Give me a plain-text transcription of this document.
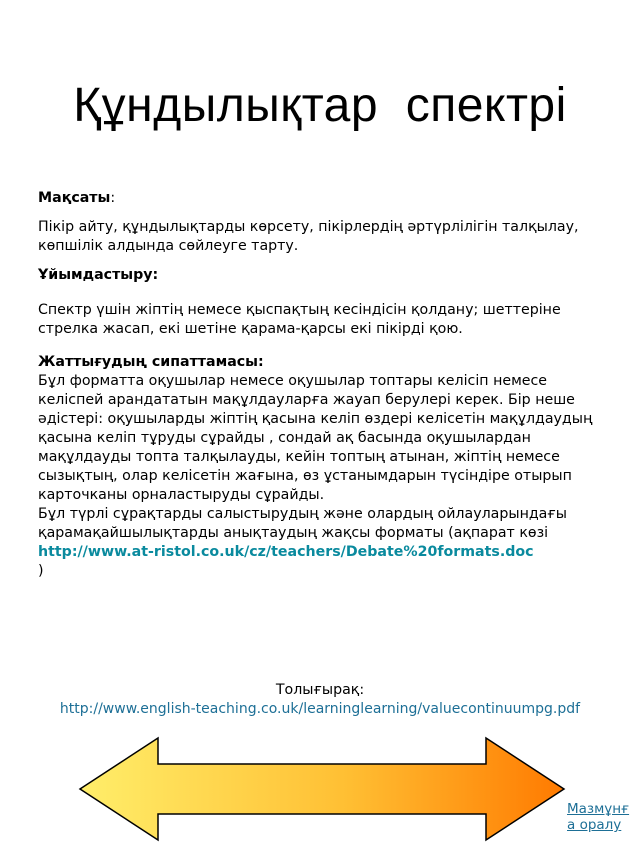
Құндылықтар  спектрі

Мақсаты:

Пікір айту, құндылықтарды көрсету, пікірлердің әртүрлілігін талқылау, көпшілік алдында сөйлеуге тарту.

Ұйымдастыру:

Спектр үшін жіптің немесе қыспақтың кесіндісін қолдану; шеттеріне стрелка жасап, екі шетіне қарама-қарсы екі пікірді қою.

Жаттығудың сипаттамасы:

Бұл форматта оқушылар немесе оқушылар топтары келісіп немесе келіспей арандататын мақұлдауларға жауап берулері керек. Бір неше әдістері: оқушыларды жіптің қасына келіп өздері келісетін мақұлдаудың қасына келіп тұруды сұрайды , сондай ақ басында оқушылардан мақұлдауды топта талқылауды, кейін топтың атынан, жіптің немесе сызықтың, олар келісетін жағына, өз ұстанымдарын түсіндіре отырып карточканы орналастыруды сұрайды.

Бұл түрлі сұрақтарды салыстырудың және олардың ойлауларындағы қарамақайшылықтарды анықтаудың жақсы форматы (ақпарат көзі

http://www.at-ristol.co.uk/cz/teachers/Debate%20formats.doc

)

Толығырақ:
http://www.english-teaching.co.uk/learninglearning/valuecontinuumpg.pdf
Мазмұнға оралу
